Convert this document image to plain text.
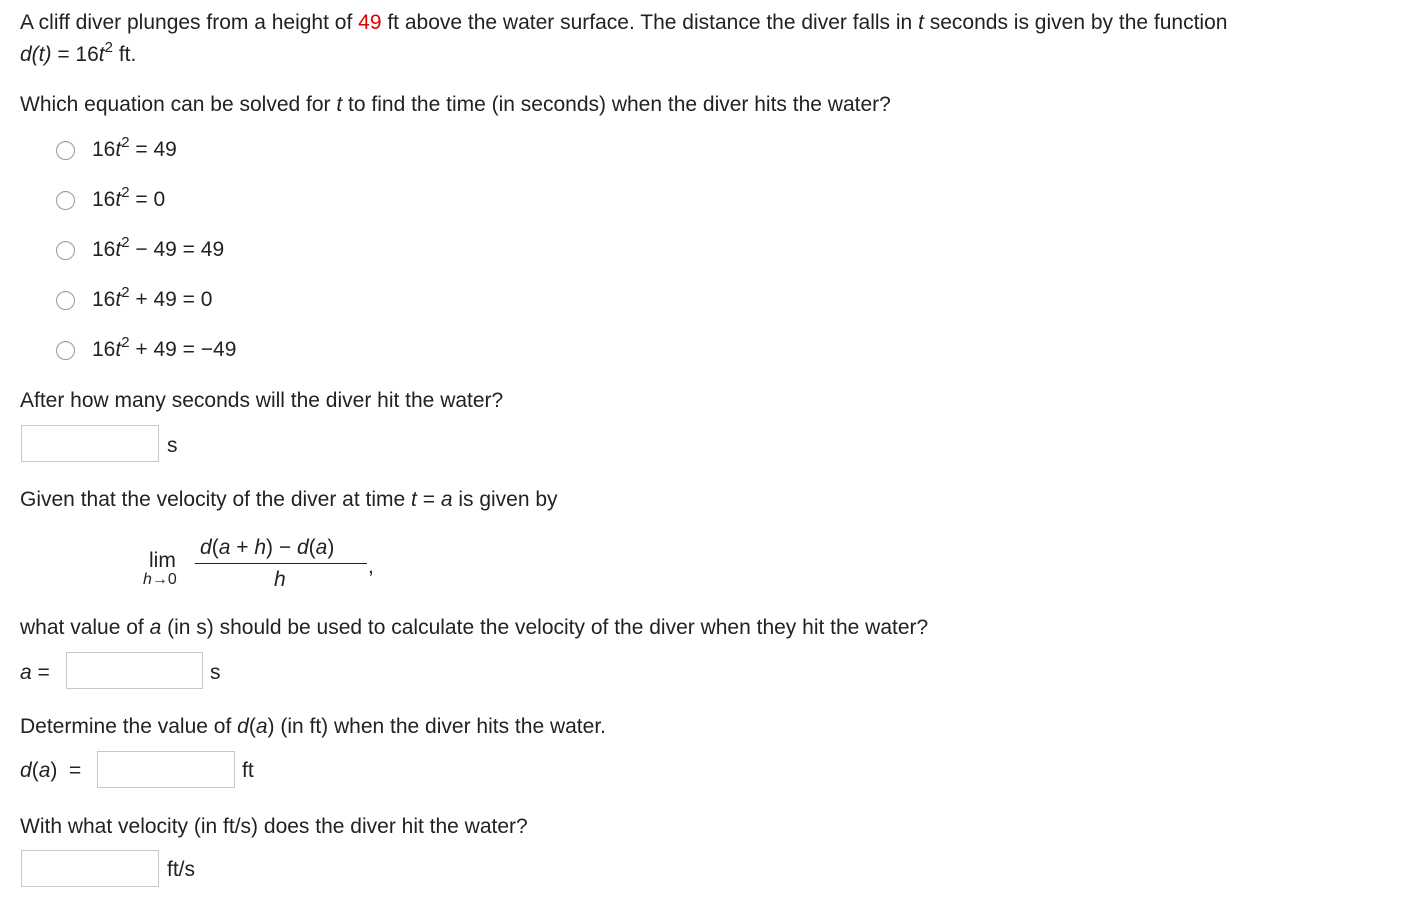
A cliff diver plunges from a height of 49 ft above the water surface. The distance the diver falls in t seconds is given by the function
$d(t) = 16t^2$ ft.
Which equation can be solved for t to find the time (in seconds) when the diver hits the water?
$16t^2 = 49$
$16t^2 = 0$
$16t^2 - 49 = 49$
$16t^2 + 49 = 0$
$16t^2 + 49 = -49$
After how many seconds will the diver hit the water?
s
Given that the velocity of the diver at time t = a is given by
lim
h→0
d(a + h) − d(a)
h
,
what value of a (in s) should be used to calculate the velocity of the diver when they hit the water?
a =	s
Determine the value of d(a) (in ft) when the diver hits the water.
d(a)  =	ft
With what velocity (in ft/s) does the diver hit the water?
ft/s
